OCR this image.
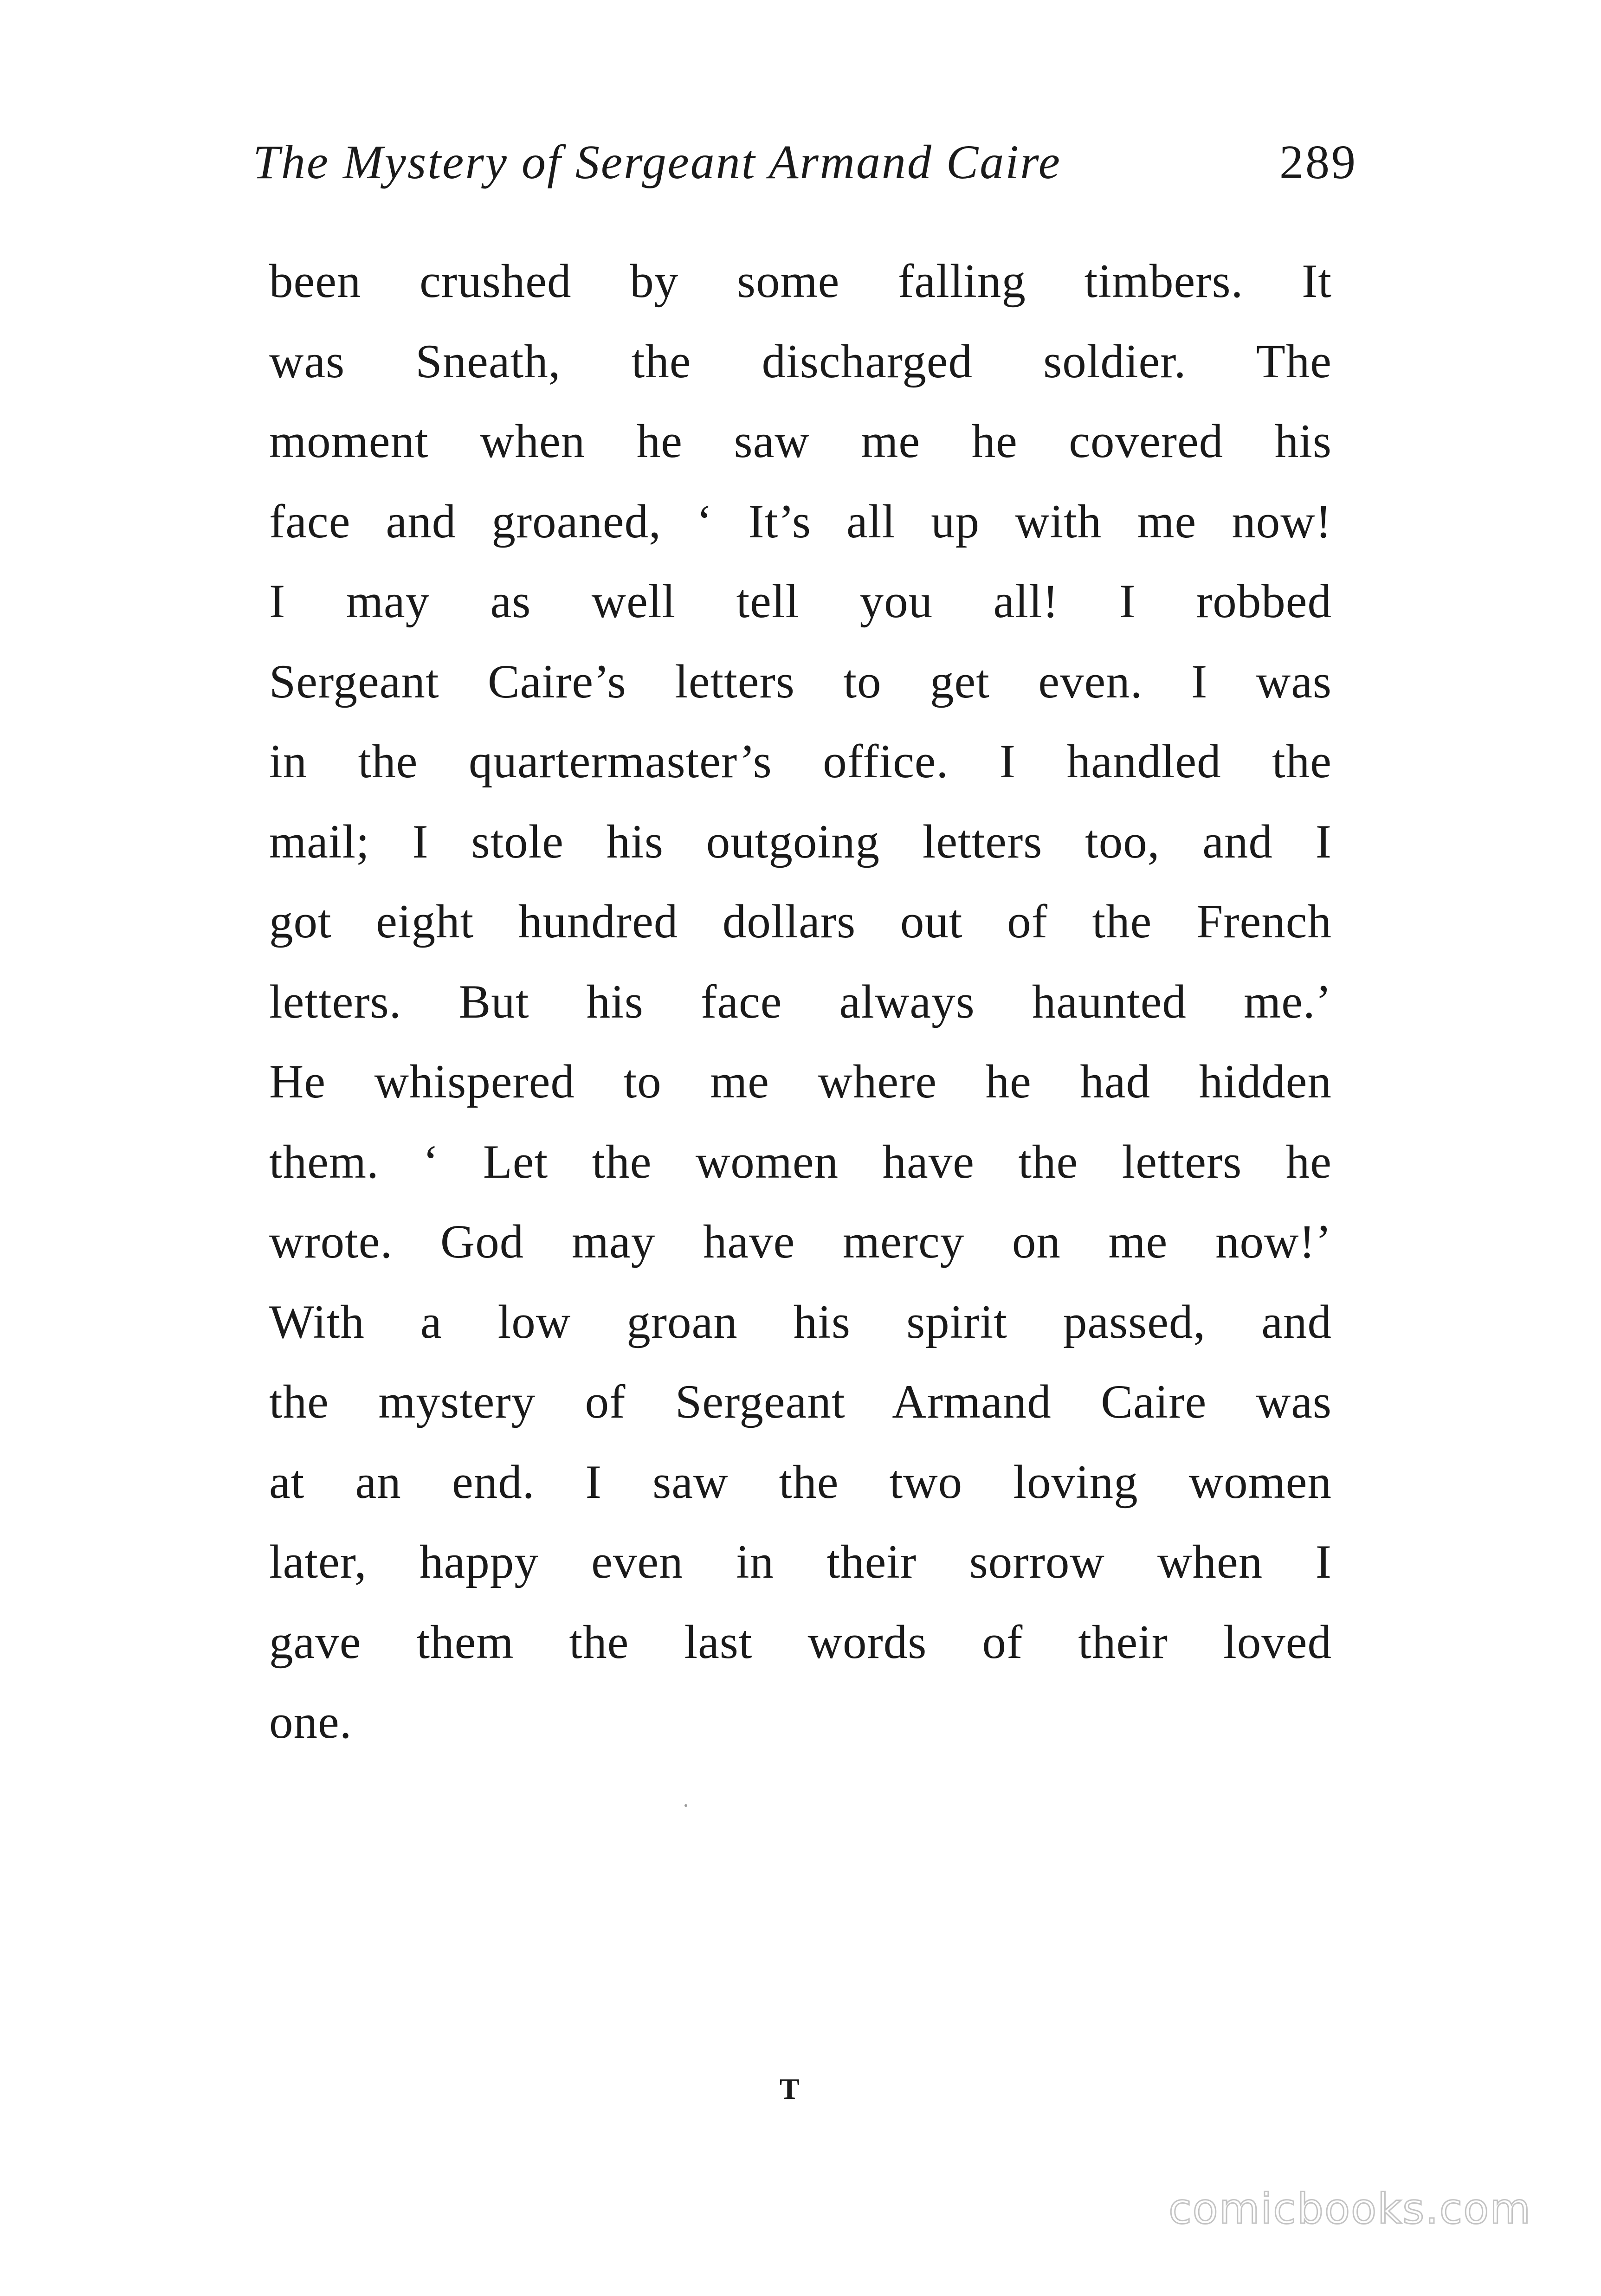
The Mystery of Sergeant Armand Caire	289
been crushed by some falling timbers. It
was Sneath, the discharged soldier. The
moment when he saw me he covered his
face and groaned, ‘ It’s all up with me now!
I may as well tell you all! I robbed
Sergeant Caire’s letters to get even. I was
in the quartermaster’s office. I handled the
mail; I stole his outgoing letters too, and I
got eight hundred dollars out of the French
letters. But his face always haunted me.’
He whispered to me where he had hidden
them. ‘ Let the women have the letters he
wrote. God may have mercy on me now!’
With a low groan his spirit passed, and
the mystery of Sergeant Armand Caire was
at an end. I saw the two loving women
later, happy even in their sorrow when I
gave them the last words of their loved
one.
T
comicbooks.com
